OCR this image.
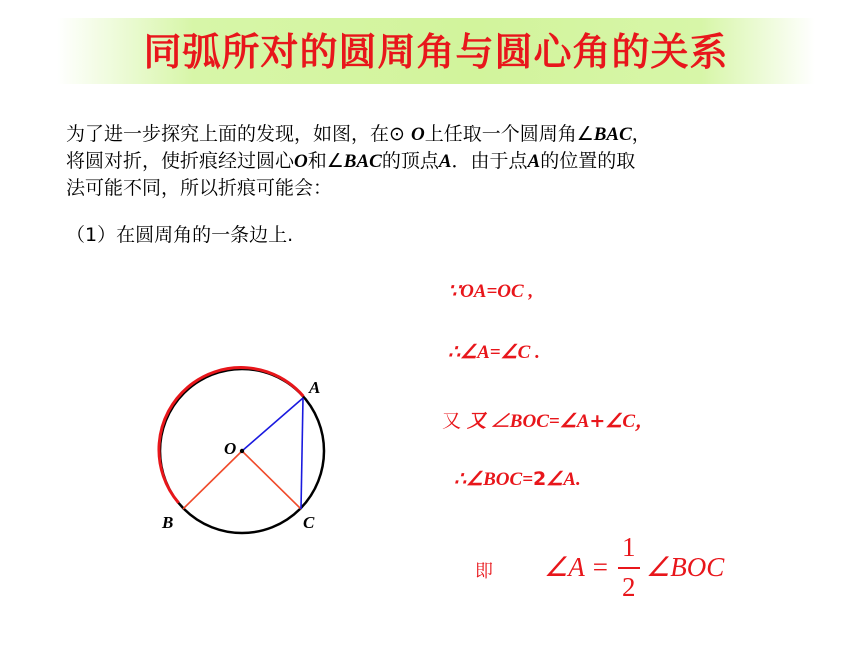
同弧所对的圆周角与圆心角的关系
为了进一步探究上面的发现，如图，在⊙ O上任取一个圆周角∠BAC，
将圆对折，使折痕经过圆心O和∠BAC的顶点A．由于点A的位置的取
法可能不同，所以折痕可能会：
（1）在圆周角的一条边上.
O
A
B	C
∵OA=OC ,
∴∠A=∠C .
又 又 ∠BOC=∠A+∠C，
∴∠BOC=2∠A.
即 ∠A =
1
2
∠BOC
